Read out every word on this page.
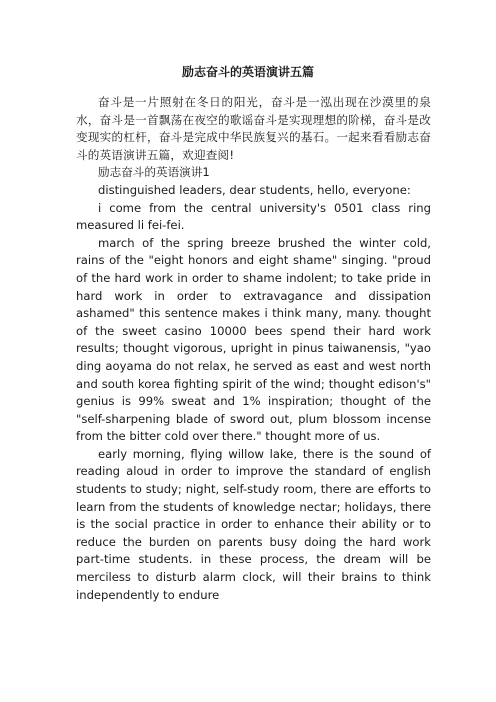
励志奋斗的英语演讲五篇

奋斗是一片照射在冬日的阳光，奋斗是一泓出现在沙漠里的泉水，奋斗是一首飘荡在夜空的歌谣奋斗是实现理想的阶梯，奋斗是改变现实的杠杆，奋斗是完成中华民族复兴的基石。一起来看看励志奋斗的英语演讲五篇，欢迎查阅!

励志奋斗的英语演讲1

distinguished leaders, dear students, hello, everyone:

i come from the central university's 0501 class ring measured li fei-fei.

march of the spring breeze brushed the winter cold, rains of the "eight honors and eight shame" singing. "proud of the hard work in order to shame indolent; to take pride in hard work in order to extravagance and dissipation ashamed" this sentence makes i think many, many. thought of the sweet casino 10000 bees spend their hard work results; thought vigorous, upright in pinus taiwanensis, "yao ding aoyama do not relax, he served as east and west north and south korea fighting spirit of the wind; thought edison's" genius is 99% sweat and 1% inspiration; thought of the "self-sharpening blade of sword out, plum blossom incense from the bitter cold over there." thought more of us.

early morning, flying willow lake, there is the sound of reading aloud in order to improve the standard of english students to study; night, self-study room, there are efforts to learn from the students of knowledge nectar; holidays, there is the social practice in order to enhance their ability or to reduce the burden on parents busy doing the hard work part-time students. in these process, the dream will be merciless to disturb alarm clock, will their brains to think independently to endure
